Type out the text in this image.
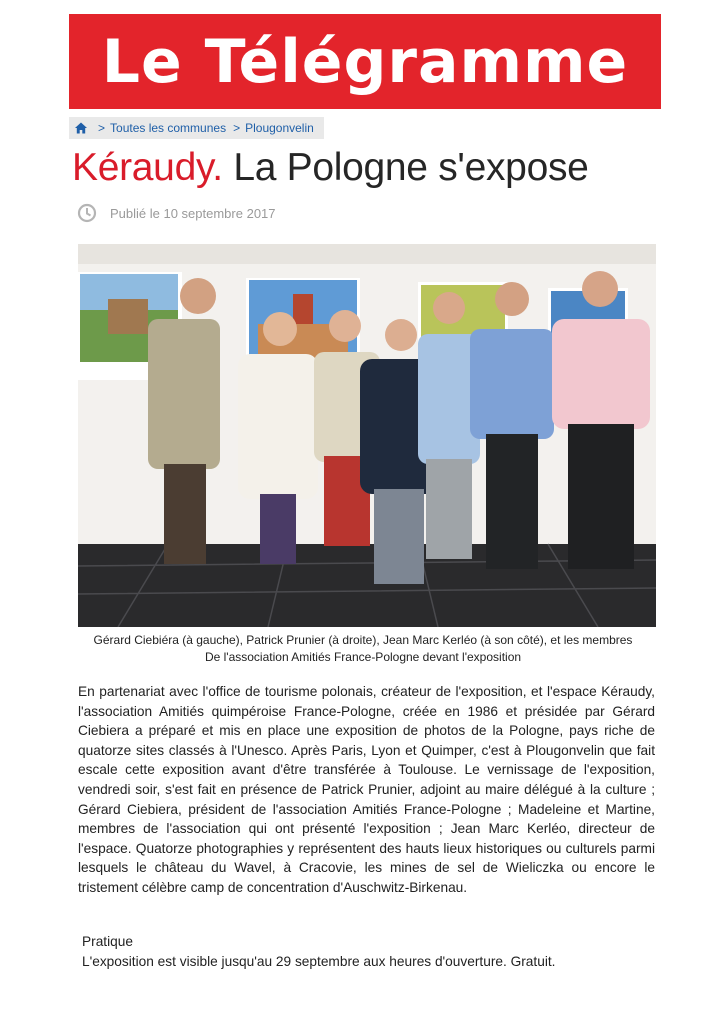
Le Télégramme
> Toutes les communes > Plougonvelin
Kéraudy. La Pologne s'expose
Publié le 10 septembre 2017
Gérard Ciebiéra (à gauche), Patrick Prunier (à droite), Jean Marc Kerléo (à son côté), et les membres
De l'association Amitiés France-Pologne devant l'exposition

En partenariat avec l'office de tourisme polonais, créateur de l'exposition, et l'espace Kéraudy, l'association Amitiés quimpéroise France-Pologne, créée en 1986 et présidée par Gérard Ciebiera a préparé et mis en place une exposition de photos de la Pologne, pays riche de quatorze sites classés à l'Unesco. Après Paris, Lyon et Quimper, c'est à Plougonvelin que fait escale cette exposition avant d'être transférée à Toulouse. Le vernissage de l'exposition, vendredi soir, s'est fait en présence de Patrick Prunier, adjoint au maire délégué à la culture ; Gérard Ciebiera, président de l'association Amitiés France-Pologne ; Madeleine et Martine, membres de l'association qui ont présenté l'exposition ; Jean Marc Kerléo, directeur de l'espace. Quatorze photographies y représentent des hauts lieux historiques ou culturels parmi lesquels le château du Wavel, à Cracovie, les mines de sel de Wieliczka ou encore le tristement célèbre camp de concentration d'Auschwitz-Birkenau.

Pratique
L'exposition est visible jusqu'au 29 septembre aux heures d'ouverture. Gratuit.
